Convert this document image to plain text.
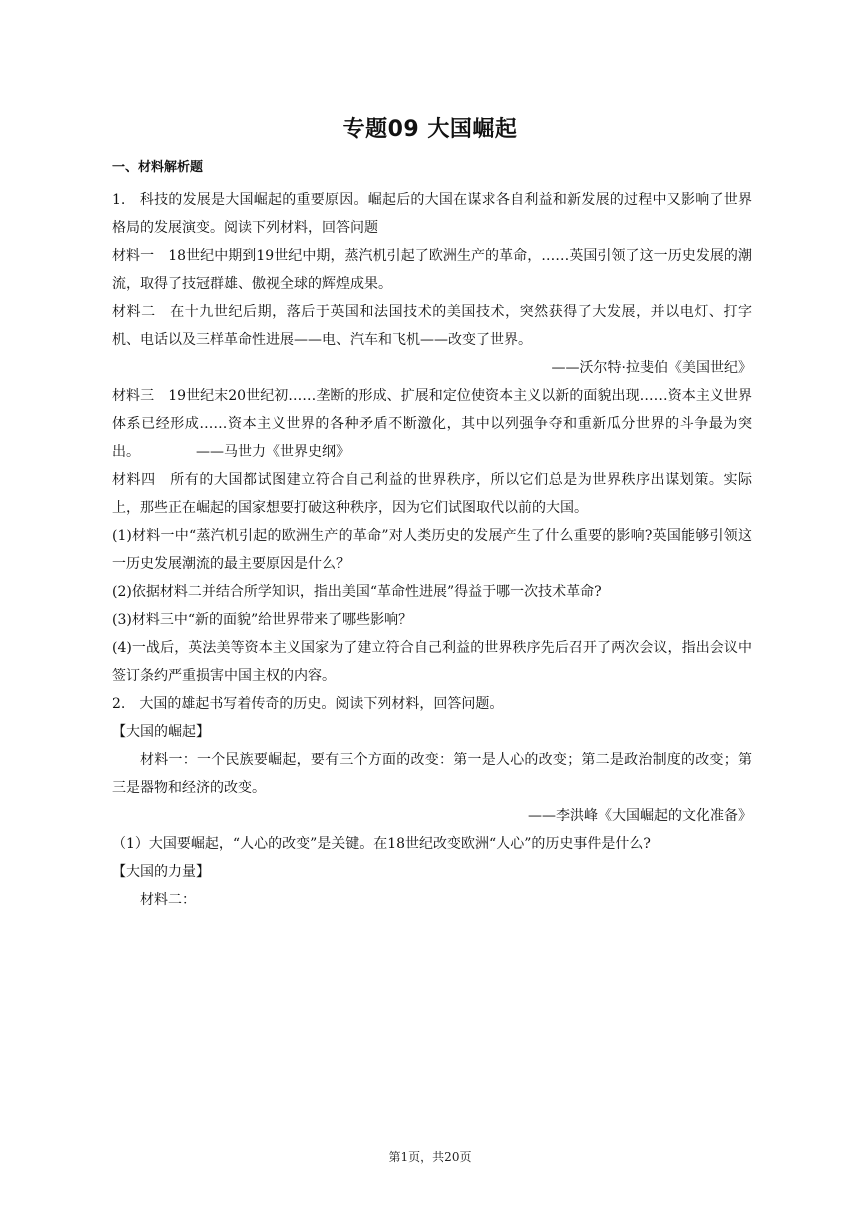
专题09 大国崛起
一、材料解析题

1.　科技的发展是大国崛起的重要原因。崛起后的大国在谋求各自利益和新发展的过程中又影响了世界格局的发展演变。阅读下列材料，回答问题

材料一　18世纪中期到19世纪中期，蒸汽机引起了欧洲生产的革命，……英国引领了这一历史发展的潮流，取得了技冠群雄、傲视全球的辉煌成果。

材料二　在十九世纪后期，落后于英国和法国技术的美国技术，突然获得了大发展，并以电灯、打字机、电话以及三样革命性进展——电、汽车和飞机——改变了世界。

——沃尔特·拉斐伯《美国世纪》

材料三　19世纪末20世纪初……垄断的形成、扩展和定位使资本主义以新的面貌出现……资本主义世界体系已经形成……资本主义世界的各种矛盾不断激化，其中以列强争夺和重新瓜分世界的斗争最为突出。	——马世力《世界史纲》

材料四　所有的大国都试图建立符合自己利益的世界秩序，所以它们总是为世界秩序出谋划策。实际上，那些正在崛起的国家想要打破这种秩序，因为它们试图取代以前的大国。

(1)材料一中“蒸汽机引起的欧洲生产的革命”对人类历史的发展产生了什么重要的影响?英国能够引领这一历史发展潮流的最主要原因是什么？

(2)依据材料二并结合所学知识，指出美国“革命性进展”得益于哪一次技术革命?

(3)材料三中“新的面貌”给世界带来了哪些影响？

(4)一战后，英法美等资本主义国家为了建立符合自己利益的世界秩序先后召开了两次会议，指出会议中签订条约严重损害中国主权的内容。

2.　大国的雄起书写着传奇的历史。阅读下列材料，回答问题。

【大国的崛起】

材料一：一个民族要崛起，要有三个方面的改变：第一是人心的改变；第二是政治制度的改变；第三是器物和经济的改变。

——李洪峰《大国崛起的文化准备》

（1）大国要崛起，“人心的改变”是关键。在18世纪改变欧洲“人心”的历史事件是什么?

【大国的力量】

材料二：

第1页，共20页
